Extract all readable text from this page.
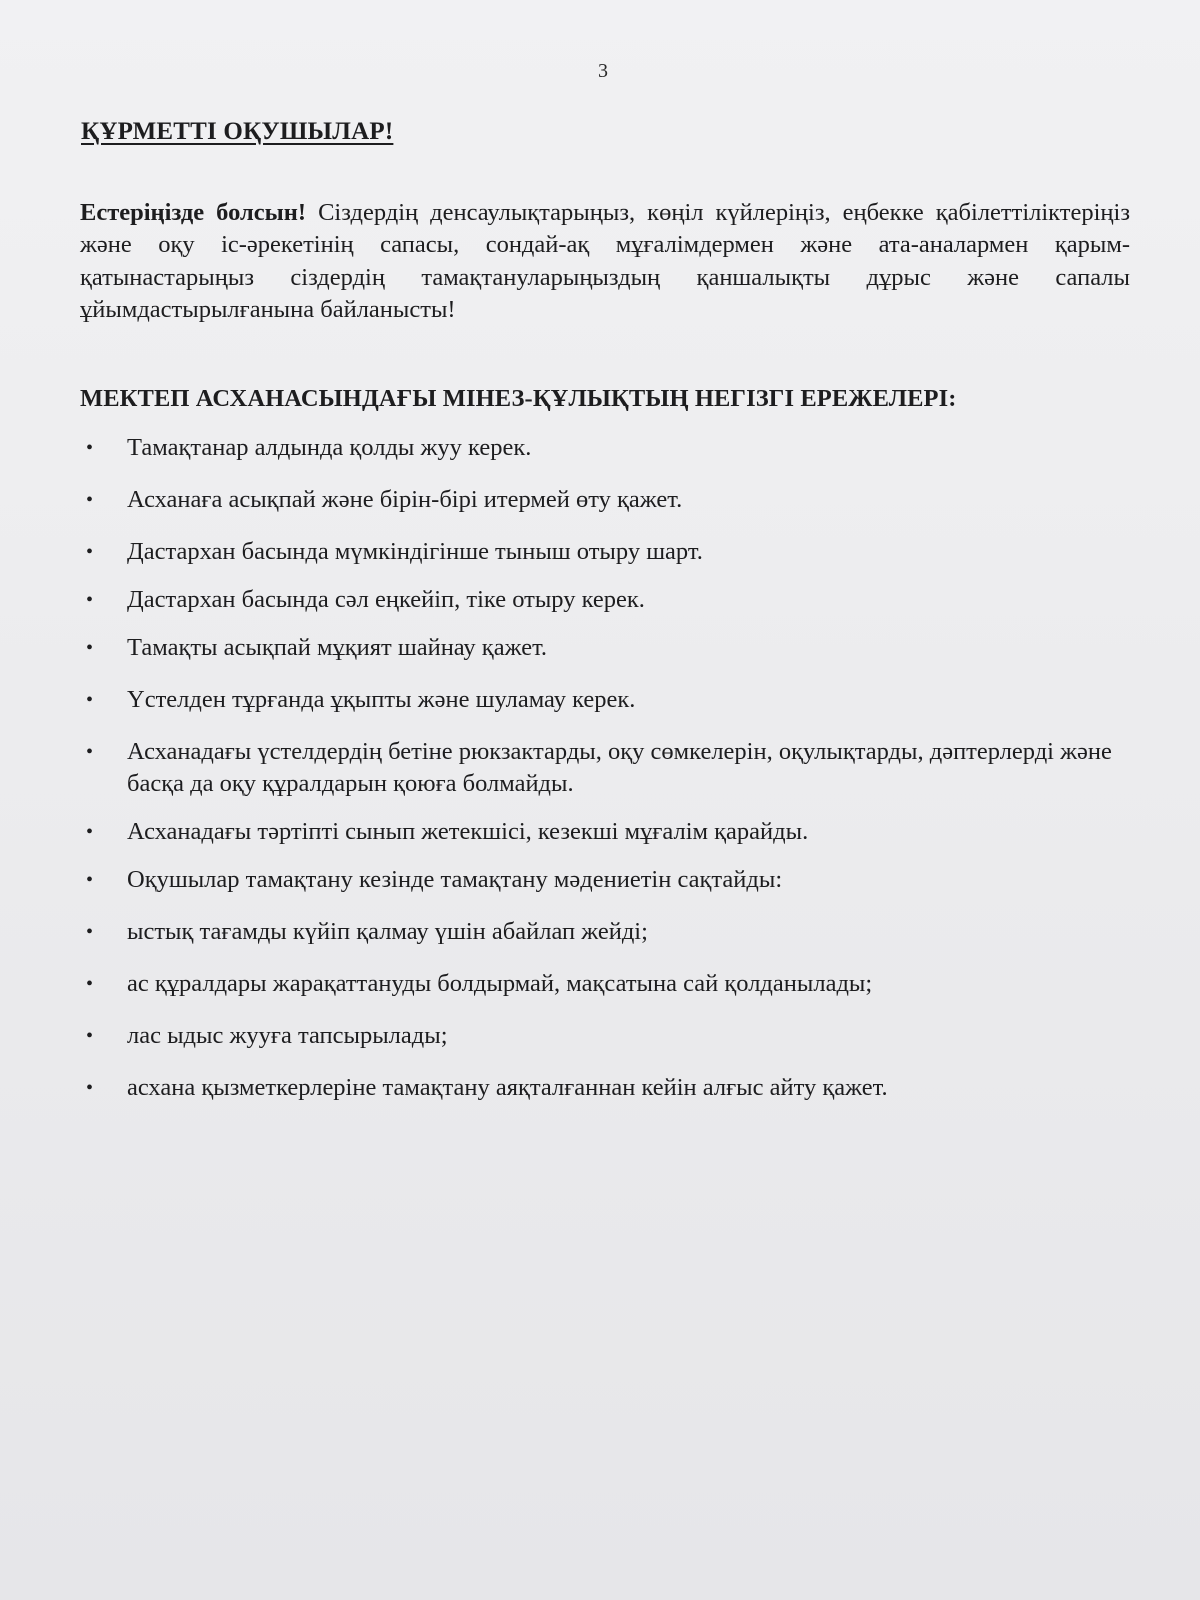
3
ҚҰРМЕТТІ ОҚУШЫЛАР!

Естеріңізде болсын! Сіздердің денсаулықтарыңыз, көңіл күйлеріңіз, еңбекке қабілеттіліктеріңіз және оқу іс-әрекетінің сапасы, сондай-ақ мұғалімдермен және ата-аналармен қарым-қатынастарыңыз сіздердің тамақтануларыңыздың қаншалықты дұрыс және сапалы ұйымдастырылғанына байланысты!

МЕКТЕП АСХАНАСЫНДАҒЫ МІНЕЗ-ҚҰЛЫҚТЫҢ НЕГІЗГІ ЕРЕЖЕЛЕРІ:
• Тамақтанар алдында қолды жуу керек.
• Асханаға асықпай және бірін-бірі итермей өту қажет.
• Дастархан басында мүмкіндігінше тыныш отыру шарт.
• Дастархан басында сәл еңкейіп, тіке отыру керек.
• Тамақты асықпай мұқият шайнау қажет.
• Үстелден тұрғанда ұқыпты және шуламау керек.
• Асханадағы үстелдердің бетіне рюкзактарды, оқу сөмкелерін, оқулықтарды, дәптерлерді және басқа да оқу құралдарын қоюға болмайды.
• Асханадағы тәртіпті сынып жетекшісі, кезекші мұғалім қарайды.
• Оқушылар тамақтану кезінде тамақтану мәдениетін сақтайды:
• ыстық тағамды күйіп қалмау үшін абайлап жейді;
• ас құралдары жарақаттануды болдырмай, мақсатына сай қолданылады;
• лас ыдыс жууға тапсырылады;
• асхана қызметкерлеріне тамақтану аяқталғаннан кейін алғыс айту қажет.
